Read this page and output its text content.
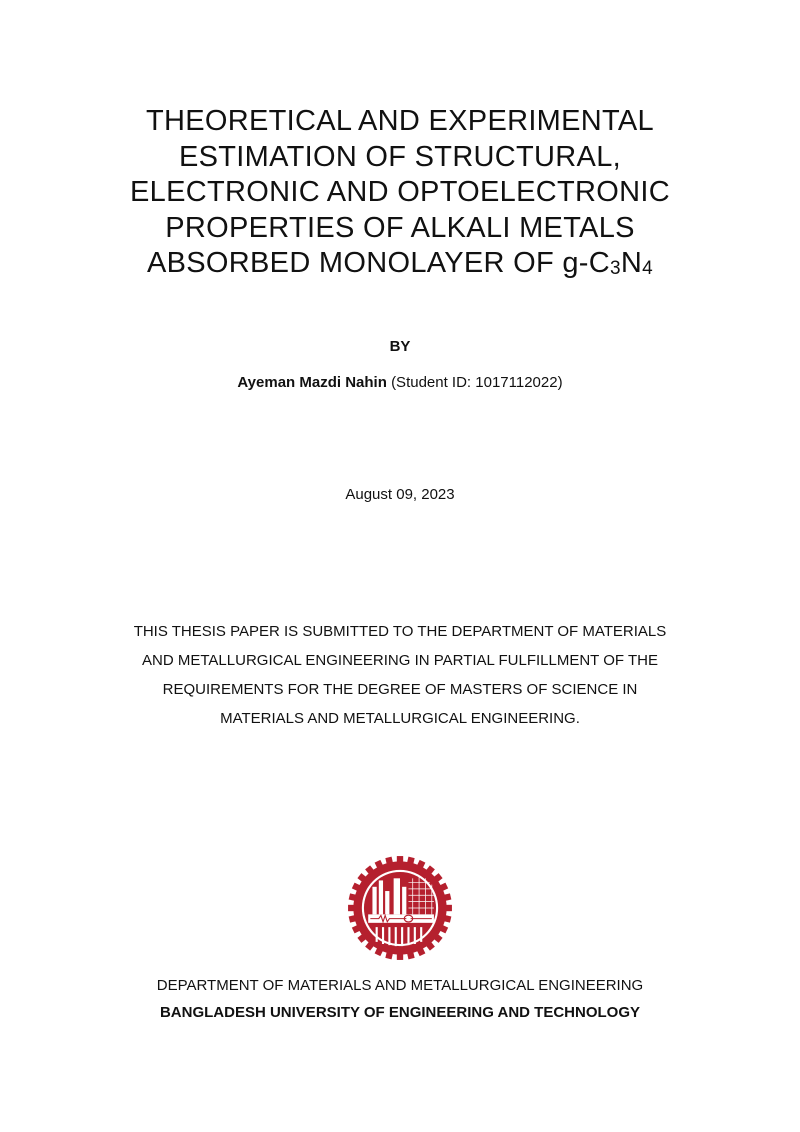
THEORETICAL AND EXPERIMENTAL
ESTIMATION OF STRUCTURAL,
ELECTRONIC AND OPTOELECTRONIC
PROPERTIES OF ALKALI METALS
ABSORBED MONOLAYER OF $g-C_3N_4$
BY
Ayeman Mazdi Nahin (Student ID: 1017112022)
August 09, 2023
THIS THESIS PAPER IS SUBMITTED TO THE DEPARTMENT OF MATERIALS
AND METALLURGICAL ENGINEERING IN PARTIAL FULFILLMENT OF THE
REQUIREMENTS FOR THE DEGREE OF MASTERS OF SCIENCE IN
MATERIALS AND METALLURGICAL ENGINEERING.
DEPARTMENT OF MATERIALS AND METALLURGICAL ENGINEERING
BANGLADESH UNIVERSITY OF ENGINEERING AND TECHNOLOGY
